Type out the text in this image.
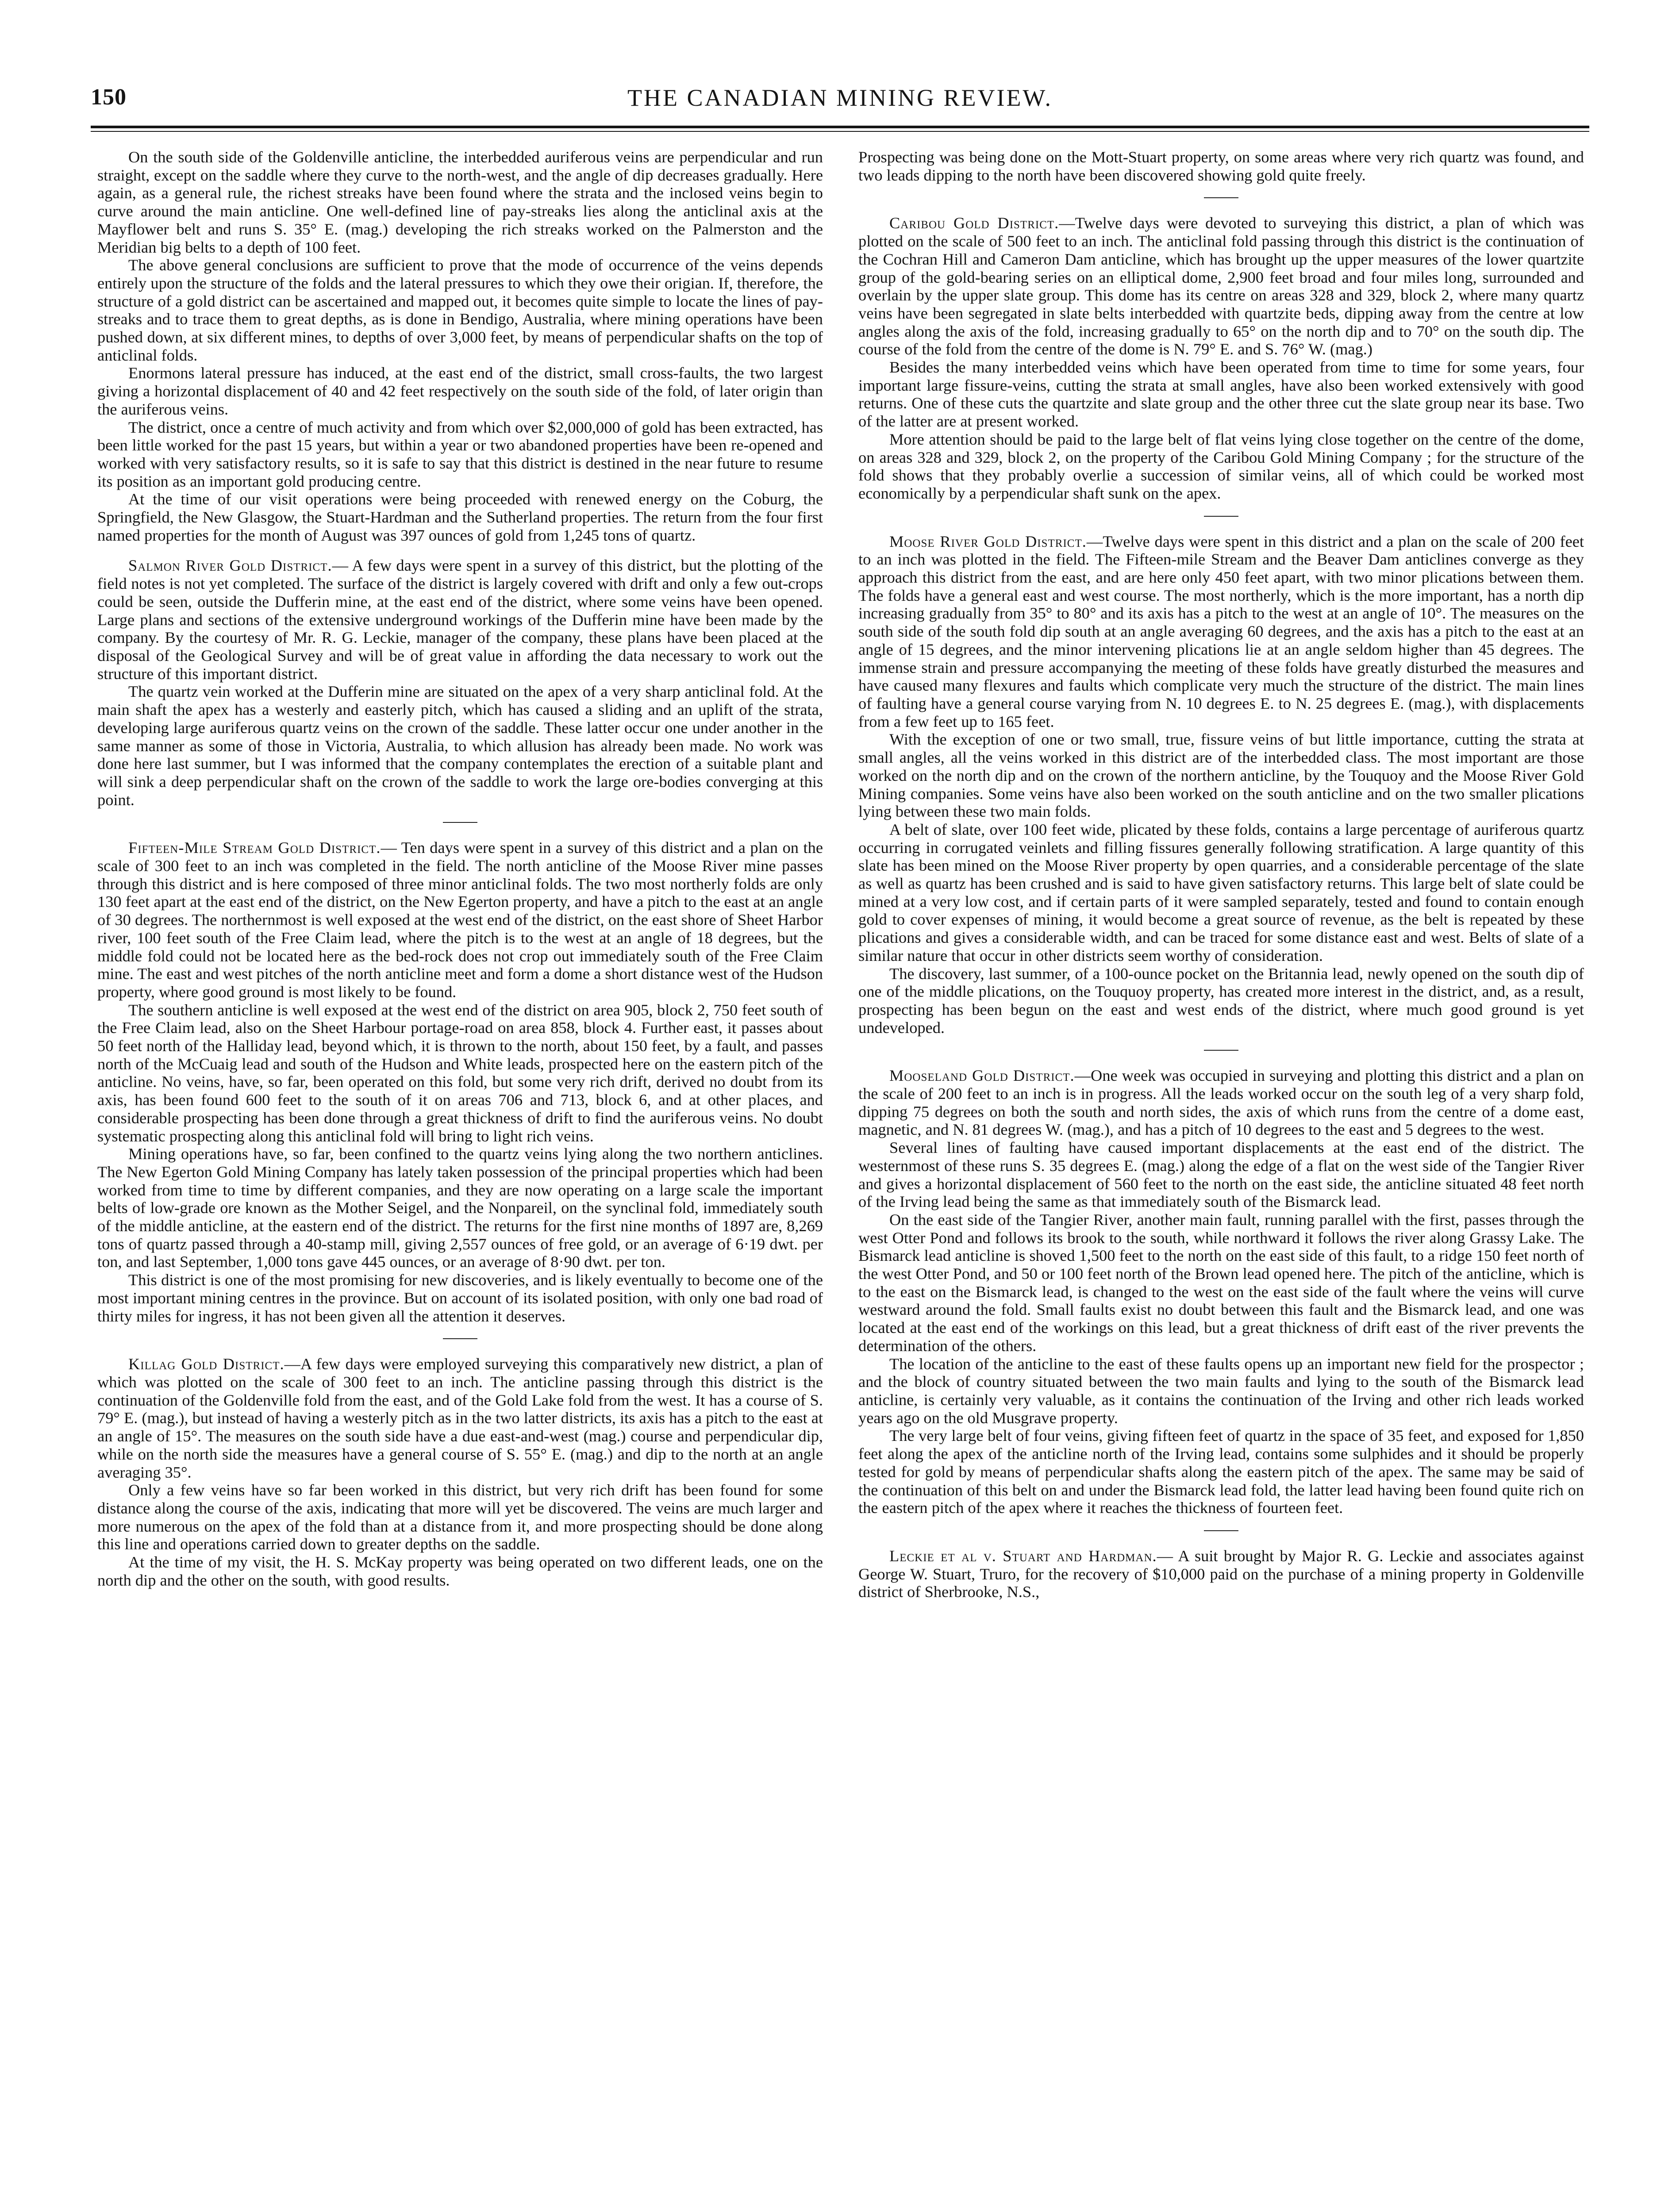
150	THE CANADIAN MINING REVIEW.

On the south side of the Goldenville anticline, the interbedded auriferous veins are perpendicular and run straight, except on the saddle where they curve to the north-west, and the angle of dip decreases gradually. Here again, as a general rule, the richest streaks have been found where the strata and the inclosed veins begin to curve around the main anticline. One well-defined line of pay-streaks lies along the anticlinal axis at the Mayflower belt and runs S. 35° E. (mag.) developing the rich streaks worked on the Palmerston and the Meridian big belts to a depth of 100 feet.

The above general conclusions are sufficient to prove that the mode of occurrence of the veins depends entirely upon the structure of the folds and the lateral pressures to which they owe their origian. If, therefore, the structure of a gold district can be ascertained and mapped out, it becomes quite simple to locate the lines of pay-streaks and to trace them to great depths, as is done in Bendigo, Australia, where mining operations have been pushed down, at six different mines, to depths of over 3,000 feet, by means of perpendicular shafts on the top of anticlinal folds.

Enormons lateral pressure has induced, at the east end of the district, small cross-faults, the two largest giving a horizontal displacement of 40 and 42 feet respectively on the south side of the fold, of later origin than the auriferous veins.

The district, once a centre of much activity and from which over $2,000,000 of gold has been extracted, has been little worked for the past 15 years, but within a year or two abandoned properties have been re-opened and worked with very satisfactory results, so it is safe to say that this district is destined in the near future to resume its position as an important gold producing centre.

At the time of our visit operations were being proceeded with renewed energy on the Coburg, the Springfield, the New Glasgow, the Stuart-Hardman and the Sutherland properties. The return from the four first named properties for the month of August was 397 ounces of gold from 1,245 tons of quartz.

Salmon River Gold District.— A few days were spent in a survey of this district, but the plotting of the field notes is not yet completed. The surface of the district is largely covered with drift and only a few out-crops could be seen, outside the Dufferin mine, at the east end of the district, where some veins have been opened. Large plans and sections of the extensive underground workings of the Dufferin mine have been made by the company. By the courtesy of Mr. R. G. Leckie, manager of the company, these plans have been placed at the disposal of the Geological Survey and will be of great value in affording the data necessary to work out the structure of this important district.

The quartz vein worked at the Dufferin mine are situated on the apex of a very sharp anticlinal fold. At the main shaft the apex has a westerly and easterly pitch, which has caused a sliding and an uplift of the strata, developing large auriferous quartz veins on the crown of the saddle. These latter occur one under another in the same manner as some of those in Victoria, Australia, to which allusion has already been made. No work was done here last summer, but I was informed that the company contemplates the erection of a suitable plant and will sink a deep perpendicular shaft on the crown of the saddle to work the large ore-bodies converging at this point.

Fifteen-Mile Stream Gold District.— Ten days were spent in a survey of this district and a plan on the scale of 300 feet to an inch was completed in the field. The north anticline of the Moose River mine passes through this district and is here composed of three minor anticlinal folds. The two most northerly folds are only 130 feet apart at the east end of the district, on the New Egerton property, and have a pitch to the east at an angle of 30 degrees. The northernmost is well exposed at the west end of the district, on the east shore of Sheet Harbor river, 100 feet south of the Free Claim lead, where the pitch is to the west at an angle of 18 degrees, but the middle fold could not be located here as the bed-rock does not crop out immediately south of the Free Claim mine. The east and west pitches of the north anticline meet and form a dome a short distance west of the Hudson property, where good ground is most likely to be found.

The southern anticline is well exposed at the west end of the district on area 905, block 2, 750 feet south of the Free Claim lead, also on the Sheet Harbour portage-road on area 858, block 4. Further east, it passes about 50 feet north of the Halliday lead, beyond which, it is thrown to the north, about 150 feet, by a fault, and passes north of the McCuaig lead and south of the Hudson and White leads, prospected here on the eastern pitch of the anticline. No veins, have, so far, been operated on this fold, but some very rich drift, derived no doubt from its axis, has been found 600 feet to the south of it on areas 706 and 713, block 6, and at other places, and considerable prospecting has been done through a great thickness of drift to find the auriferous veins. No doubt systematic prospecting along this anticlinal fold will bring to light rich veins.

Mining operations have, so far, been confined to the quartz veins lying along the two northern anticlines. The New Egerton Gold Mining Company has lately taken possession of the principal properties which had been worked from time to time by different companies, and they are now operating on a large scale the important belts of low-grade ore known as the Mother Seigel, and the Nonpareil, on the synclinal fold, immediately south of the middle anticline, at the eastern end of the district. The returns for the first nine months of 1897 are, 8,269 tons of quartz passed through a 40-stamp mill, giving 2,557 ounces of free gold, or an average of 6·19 dwt. per ton, and last September, 1,000 tons gave 445 ounces, or an average of 8·90 dwt. per ton.

This district is one of the most promising for new discoveries, and is likely eventually to become one of the most important mining centres in the province. But on account of its isolated position, with only one bad road of thirty miles for ingress, it has not been given all the attention it deserves.

Killag Gold District.—A few days were employed surveying this comparatively new district, a plan of which was plotted on the scale of 300 feet to an inch. The anticline passing through this district is the continuation of the Goldenville fold from the east, and of the Gold Lake fold from the west. It has a course of S. 79° E. (mag.), but instead of having a westerly pitch as in the two latter districts, its axis has a pitch to the east at an angle of 15°. The measures on the south side have a due east-and-west (mag.) course and perpendicular dip, while on the north side the measures have a general course of S. 55° E. (mag.) and dip to the north at an angle averaging 35°.

Only a few veins have so far been worked in this district, but very rich drift has been found for some distance along the course of the axis, indicating that more will yet be discovered. The veins are much larger and more numerous on the apex of the fold than at a distance from it, and more prospecting should be done along this line and operations carried down to greater depths on the saddle.

At the time of my visit, the H. S. McKay property was being operated on two different leads, one on the north dip and the other on the south, with good results.

Prospecting was being done on the Mott-Stuart property, on some areas where very rich quartz was found, and two leads dipping to the north have been discovered showing gold quite freely.

Caribou Gold District.—Twelve days were devoted to surveying this district, a plan of which was plotted on the scale of 500 feet to an inch. The anticlinal fold passing through this district is the continuation of the Cochran Hill and Cameron Dam anticline, which has brought up the upper measures of the lower quartzite group of the gold-bearing series on an elliptical dome, 2,900 feet broad and four miles long, surrounded and overlain by the upper slate group. This dome has its centre on areas 328 and 329, block 2, where many quartz veins have been segregated in slate belts interbedded with quartzite beds, dipping away from the centre at low angles along the axis of the fold, increasing gradually to 65° on the north dip and to 70° on the south dip. The course of the fold from the centre of the dome is N. 79° E. and S. 76° W. (mag.)

Besides the many interbedded veins which have been operated from time to time for some years, four important large fissure-veins, cutting the strata at small angles, have also been worked extensively with good returns. One of these cuts the quartzite and slate group and the other three cut the slate group near its base. Two of the latter are at present worked.

More attention should be paid to the large belt of flat veins lying close together on the centre of the dome, on areas 328 and 329, block 2, on the property of the Caribou Gold Mining Company ; for the structure of the fold shows that they probably overlie a succession of similar veins, all of which could be worked most economically by a perpendicular shaft sunk on the apex.

Moose River Gold District.—Twelve days were spent in this district and a plan on the scale of 200 feet to an inch was plotted in the field. The Fifteen-mile Stream and the Beaver Dam anticlines converge as they approach this district from the east, and are here only 450 feet apart, with two minor plications between them. The folds have a general east and west course. The most northerly, which is the more important, has a north dip increasing gradually from 35° to 80° and its axis has a pitch to the west at an angle of 10°. The measures on the south side of the south fold dip south at an angle averaging 60 degrees, and the axis has a pitch to the east at an angle of 15 degrees, and the minor intervening plications lie at an angle seldom higher than 45 degrees. The immense strain and pressure accompanying the meeting of these folds have greatly disturbed the measures and have caused many flexures and faults which complicate very much the structure of the district. The main lines of faulting have a general course varying from N. 10 degrees E. to N. 25 degrees E. (mag.), with displacements from a few feet up to 165 feet.

With the exception of one or two small, true, fissure veins of but little importance, cutting the strata at small angles, all the veins worked in this district are of the interbedded class. The most important are those worked on the north dip and on the crown of the northern anticline, by the Touquoy and the Moose River Gold Mining companies. Some veins have also been worked on the south anticline and on the two smaller plications lying between these two main folds.

A belt of slate, over 100 feet wide, plicated by these folds, contains a large percentage of auriferous quartz occurring in corrugated veinlets and filling fissures generally following stratification. A large quantity of this slate has been mined on the Moose River property by open quarries, and a considerable percentage of the slate as well as quartz has been crushed and is said to have given satisfactory returns. This large belt of slate could be mined at a very low cost, and if certain parts of it were sampled separately, tested and found to contain enough gold to cover expenses of mining, it would become a great source of revenue, as the belt is repeated by these plications and gives a considerable width, and can be traced for some distance east and west. Belts of slate of a similar nature that occur in other districts seem worthy of consideration.

The discovery, last summer, of a 100-ounce pocket on the Britannia lead, newly opened on the south dip of one of the middle plications, on the Touquoy property, has created more interest in the district, and, as a result, prospecting has been begun on the east and west ends of the district, where much good ground is yet undeveloped.

Mooseland Gold District.—One week was occupied in surveying and plotting this district and a plan on the scale of 200 feet to an inch is in progress. All the leads worked occur on the south leg of a very sharp fold, dipping 75 degrees on both the south and north sides, the axis of which runs from the centre of a dome east, magnetic, and N. 81 degrees W. (mag.), and has a pitch of 10 degrees to the east and 5 degrees to the west.

Several lines of faulting have caused important displacements at the east end of the district. The westernmost of these runs S. 35 degrees E. (mag.) along the edge of a flat on the west side of the Tangier River and gives a horizontal displacement of 560 feet to the north on the east side, the anticline situated 48 feet north of the Irving lead being the same as that immediately south of the Bismarck lead.

On the east side of the Tangier River, another main fault, running parallel with the first, passes through the west Otter Pond and follows its brook to the south, while northward it follows the river along Grassy Lake. The Bismarck lead anticline is shoved 1,500 feet to the north on the east side of this fault, to a ridge 150 feet north of the west Otter Pond, and 50 or 100 feet north of the Brown lead opened here. The pitch of the anticline, which is to the east on the Bismarck lead, is changed to the west on the east side of the fault where the veins will curve westward around the fold. Small faults exist no doubt between this fault and the Bismarck lead, and one was located at the east end of the workings on this lead, but a great thickness of drift east of the river prevents the determination of the others.

The location of the anticline to the east of these faults opens up an important new field for the prospector ; and the block of country situated between the two main faults and lying to the south of the Bismarck lead anticline, is certainly very valuable, as it contains the continuation of the Irving and other rich leads worked years ago on the old Musgrave property.

The very large belt of four veins, giving fifteen feet of quartz in the space of 35 feet, and exposed for 1,850 feet along the apex of the anticline north of the Irving lead, contains some sulphides and it should be properly tested for gold by means of perpendicular shafts along the eastern pitch of the apex. The same may be said of the continuation of this belt on and under the Bismarck lead fold, the latter lead having been found quite rich on the eastern pitch of the apex where it reaches the thickness of fourteen feet.

Leckie et al v. Stuart and Hardman.— A suit brought by Major R. G. Leckie and associates against George W. Stuart, Truro, for the recovery of $10,000 paid on the purchase of a mining property in Goldenville district of Sherbrooke, N.S.,
